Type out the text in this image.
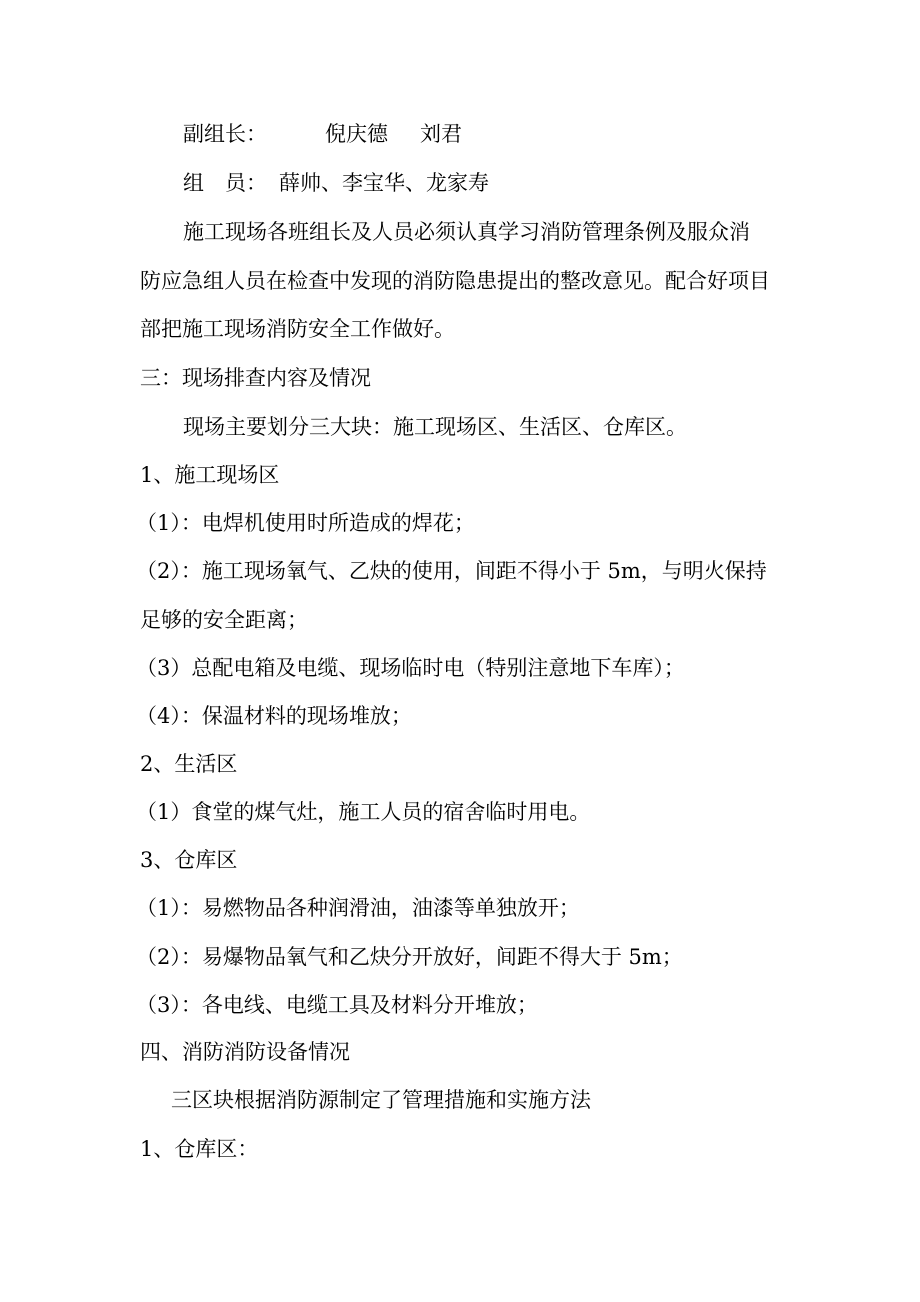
副组长：	倪庆德 刘君
组　员： 薛帅、李宝华、龙家寿
施工现场各班组长及人员必须认真学习消防管理条例及服众消
防应急组人员在检查中发现的消防隐患提出的整改意见。配合好项目
部把施工现场消防安全工作做好。
三：现场排查内容及情况
现场主要划分三大块：施工现场区、生活区、仓库区。
1、施工现场区
（1）：电焊机使用时所造成的焊花；
（2）：施工现场氧气、乙炔的使用，间距不得小于 5m，与明火保持
足够的安全距离；
（3）总配电箱及电缆、现场临时电（特别注意地下车库）；
（4）：保温材料的现场堆放；
2、生活区
（1）食堂的煤气灶，施工人员的宿舍临时用电。
3、仓库区
（1）：易燃物品各种润滑油，油漆等单独放开；
（2）：易爆物品氧气和乙炔分开放好，间距不得大于 5m；
（3）：各电线、电缆工具及材料分开堆放；
四、消防消防设备情况
三区块根据消防源制定了管理措施和实施方法
1、仓库区：
